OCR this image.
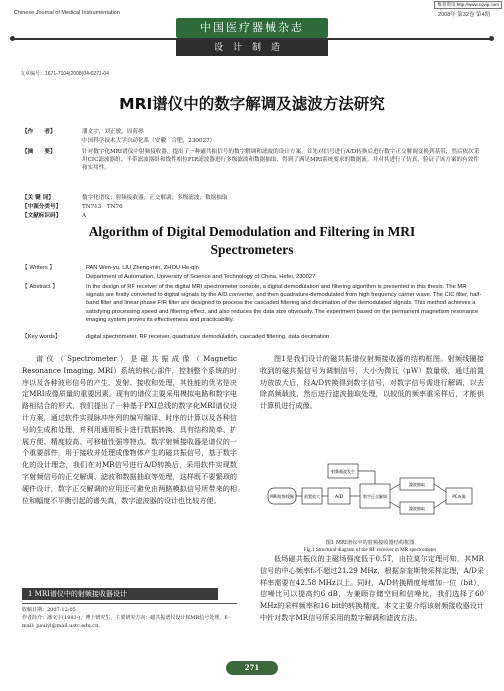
维普资讯 http://www.cqvip.com
Chinese Journal of Medical Instrumentation	2008年 第32卷 第4期
中国医疗器械杂志
设计制造
文章编号：1671-7104(2008)04-0271-04
MRI谱仪中的数字解调及滤波方法研究
【作　　者】	潘文宇，刘正敏，周荷琴
中国科学技术大学自动化系（安徽　合肥，230027）
【摘　　要】	针对数字化MRI谱仪中射频接收器，提出了一种磁共振信号的数字解调和滤波的设计方案。首先对信号进行A/D转换后进行数字正交解调变换到基带，然后依次采用CIC滤波器组、半带滤波器组和线性相位FIR滤波器进行多级滤波和数据抽取，得到了满足MRI系统要求的数据流。并对其进行了仿真，验证了该方案的有效性和实用性。
【关 键 词】	数字化谱仪；射频接收器；正交解调；多级滤波；数据抽取
【中图分类号】	TN713　TN76
【文献标识码】	A
Algorithm of Digital Demodulation and Filtering in MRI
Spectrometers
【 Writers 】	PAN Wen-yu, LIU Zheng-min, ZHOU He-qin
Department of Automation, University of Science and Technology of China, Hefei, 230027
【 Abstract 】	In the design of RF receiver of the digital MRI spectrometer console, a digital demodulation and filtering algorithm is presented in this thesis. The MR signals are firstly converted to digital signals by the A/D converter, and then quadrature-demodulated from high frequency carrier wave. The CIC filter, half-band filter and linear phase FIR filter are designed to process the cascaded filtering and decimation of the demodulated signals. This method achieves a satisfying processing speed and filtering effect, and also reduces the data size obviously. The experiment based on the permanent magnetism resonance imaging system proves its effectiveness and practicability.
【Key words】	digital spectrometer, RF receiver, quadrature demodulation, cascaded filtering, data decimation
谱仪（Spectrometer）是磁共振成像（Magnetic Resonance Imaging, MRI）系统的核心部件，控制整个系统的时序以及各种波形信号的产生、发射、接收和处理，其性能的优劣是决定MRI成像质量的重要因素。现有的谱仪主要采用模拟电路和数字电路相结合的形式，我们提出了一种基于PXI总线的数字化MRI谱仪设计方案，通过软件实现脉冲序列的编写编译、时序的计算以及各种信号的生成和处理，并利用通用板卡进行数据转换、具有结构简单、扩展方便、精度较高、可移植性强等特点。数字射频接收器是谱仪的一个重要部件，用于接收并处理成像物体产生的磁共振信号，基于数字化的设计理念，我们在对MR信号进行A/D转换后，采用软件实现数字射频信号的正交解调、滤波和数据抽取等处理，这样既不要繁琐的硬件设计，数字正交解调的应用还可避免由两路模拟信号所带来的相位和幅度不平衡引起的谱失真，数字滤波器的设计也比较方便。
1 MRI谱仪中的射频接收器设计
收稿日期：2007-12-05
作者简介：潘文宇(1983-)，博士研究生，主要研究方向：磁共振谱仪设计和MR信号处理。E-mail: paulyl@mail.ustc.edu.cn。
图1是我们设计的磁共振谱仪射频接收器的结构框图。射频线圈接收到的磁共振信号为调制信号，大小为微瓦（μW）数量级，通过前置功放放大后，经A/D转换得到数字信号，对数字信号需进行解调，以去除高频载波，然后进行滤波抽取处理，以较低的频率重采样后，才能供计算机进行成像。
MRI射频线圈	前置放大	A/D
射频载波发生
数字正交解调
滤波抽取
滤波抽取
PC成像
图1 MRI谱仪中的射频接收器结构框图
Fig.1 Structural diagram of the RF receiver in MR spectrometer
低场磁共振仪的主磁场强度低于0.5T，由拉莫尔定理可知，其MR信号的中心频率f₀不超过21.29 MHz，根据奈奎斯特采样定理，A/D采样率需要在42.58 MHz以上。同时，A/D转换精度每增加一位（bit），信噪比可以提高约6 dB，为兼顾存储空间和信噪比，我们选择了60 MHz的采样频率和16 bit的转换精度。本文主要介绍该射频接收器设计中针对数字MR信号所采用的数字解调和滤波方法。
271
